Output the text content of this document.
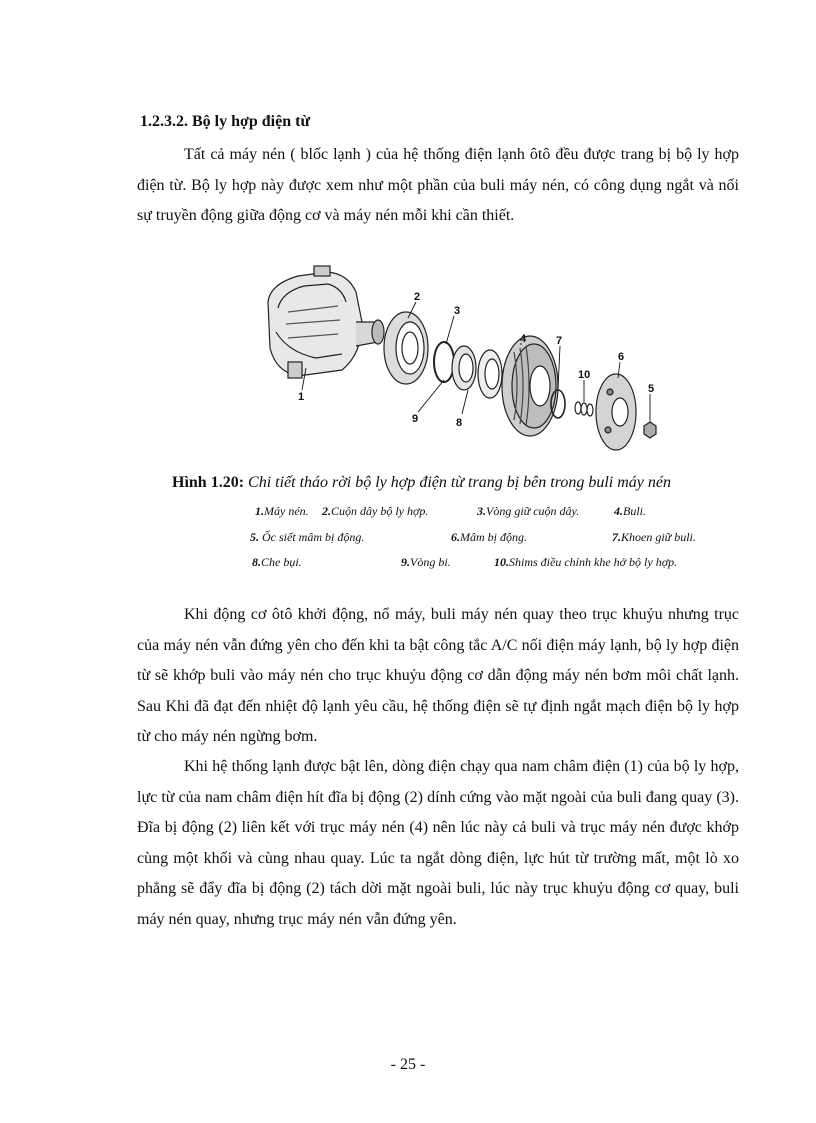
1.2.3.2. Bộ ly hợp điện từ

Tất cả máy nén ( blốc lạnh ) của hệ thống điện lạnh ôtô đều được trang bị bộ ly hợp điện từ. Bộ ly hợp này được xem như một phần của buli máy nén, có công dụng ngắt và nối sự truyền động giữa động cơ và máy nén mỗi khi cần thiết.

1
2
3
4
5
6
7
8
9
10

Hình 1.20: Chi tiết tháo rời bộ ly hợp điện từ trang bị bên trong buli máy nén

1.Máy nén. 2.Cuộn dây bộ ly hợp.	3.Vòng giữ cuộn dây.	4.Buli.

5. Ốc siết mâm bị động.	6.Mâm bị động.	7.Khoen giữ buli.

8.Che bụi.	9.Vòng bi.	10.Shims điều chỉnh khe hở bộ ly hợp.

Khi động cơ ôtô khởi động, nổ máy, buli máy nén quay theo trục khuỷu nhưng trục của máy nén vẫn đứng yên cho đến khi ta bật công tắc A/C nối điện máy lạnh, bộ ly hợp điện từ sẽ khớp buli vào máy nén cho trục khuỷu động cơ dẫn động máy nén bơm môi chất lạnh. Sau Khi đã đạt đến nhiệt độ lạnh yêu cầu, hệ thống điện sẽ tự định ngắt mạch điện bộ ly hợp từ cho máy nén ngừng bơm.

Khi hệ thống lạnh được bật lên, dòng điện chạy qua nam châm điện (1) của bộ ly hợp, lực từ của nam châm điện hít đĩa bị động (2) dính cứng vào mặt ngoài của buli đang quay (3). Đĩa bị động (2) liên kết với trục máy nén (4) nên lúc này cả buli và trục máy nén được khớp cùng một khối và cùng nhau quay. Lúc ta ngắt dòng điện, lực hút từ trường mất, một lò xo phẳng sẽ đẩy đĩa bị động (2) tách dời mặt ngoài buli, lúc này trục khuỷu động cơ quay, buli máy nén quay, nhưng trục máy nén vẫn đứng yên.

- 25 -
